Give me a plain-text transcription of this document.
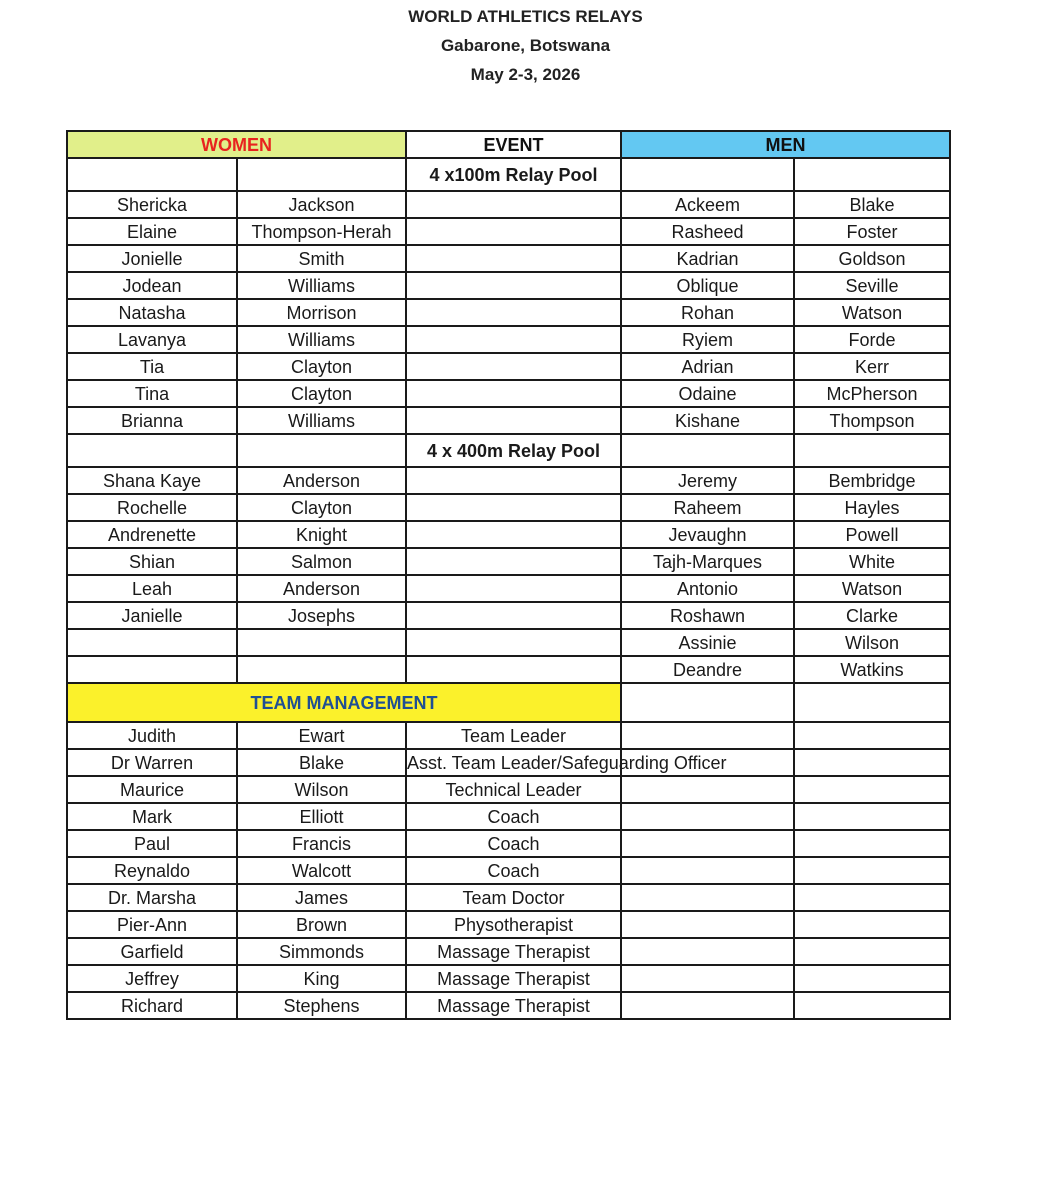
WORLD ATHLETICS RELAYS
Gabarone, Botswana
May 2-3, 2026
WOMEN		EVENT	MEN	
		4 x100m Relay Pool		
Shericka	Jackson		Ackeem	Blake
Elaine	Thompson-Herah		Rasheed	Foster
Jonielle	Smith		Kadrian	Goldson
Jodean	Williams		Oblique	Seville
Natasha	Morrison		Rohan	Watson
Lavanya	Williams		Ryiem	Forde
Tia	Clayton		Adrian	Kerr
Tina	Clayton		Odaine	McPherson
Brianna	Williams		Kishane	Thompson
		4 x 400m Relay Pool		
Shana Kaye	Anderson		Jeremy	Bembridge
Rochelle	Clayton		Raheem	Hayles
Andrenette	Knight		Jevaughn	Powell
Shian	Salmon		Tajh-Marques	White
Leah	Anderson		Antonio	Watson
Janielle	Josephs		Roshawn	Clarke
			Assinie	Wilson
			Deandre	Watkins
TEAM MANAGEMENT				
Judith	Ewart	Team Leader		
Dr Warren	Blake	Asst. Team Leader/Safeguarding Officer		
Maurice	Wilson	Technical Leader		
Mark	Elliott	Coach		
Paul	Francis	Coach		
Reynaldo	Walcott	Coach		
Dr. Marsha	James	Team Doctor		
Pier-Ann	Brown	Physotherapist		
Garfield	Simmonds	Massage Therapist		
Jeffrey	King	Massage Therapist		
Richard	Stephens	Massage Therapist		
